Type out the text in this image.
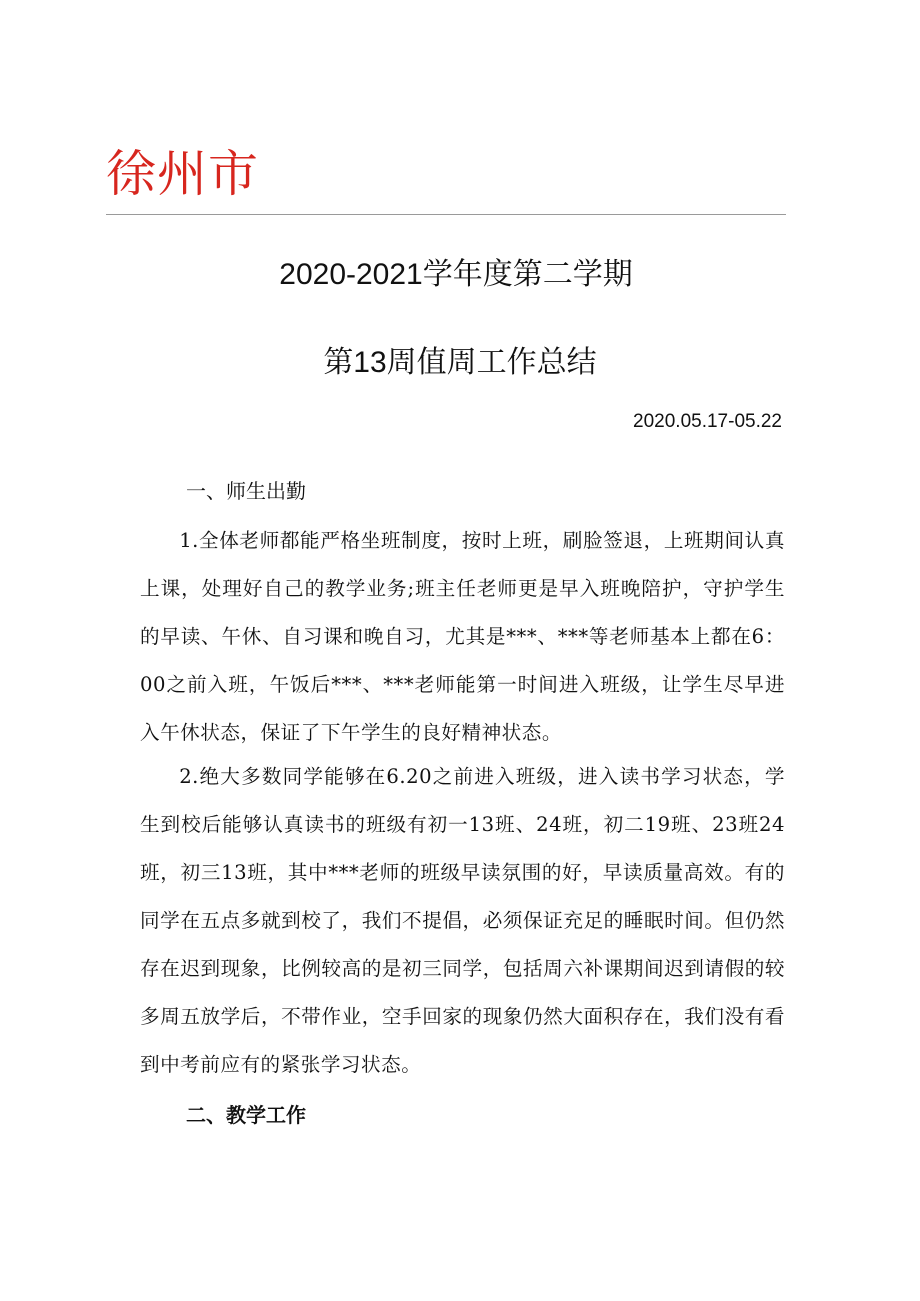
徐州市
2020-2021学年度第二学期
第13周值周工作总结
2020.05.17-05.22
一、师生出勤

1.全体老师都能严格坐班制度，按时上班，刷脸签退，上班期间认真上课，处理好自己的教学业务;班主任老师更是早入班晚陪护，守护学生的早读、午休、自习课和晚自习，尤其是***、***等老师基本上都在6：00之前入班，午饭后***、***老师能第一时间进入班级，让学生尽早进入午休状态，保证了下午学生的良好精神状态。

2.绝大多数同学能够在6.20之前进入班级，进入读书学习状态，学生到校后能够认真读书的班级有初一13班、24班，初二19班、23班24班，初三13班，其中***老师的班级早读氛围的好，早读质量高效。有的同学在五点多就到校了，我们不提倡，必须保证充足的睡眠时间。但仍然存在迟到现象，比例较高的是初三同学，包括周六补课期间迟到请假的较多周五放学后，不带作业，空手回家的现象仍然大面积存在，我们没有看到中考前应有的紧张学习状态。

二、教学工作
